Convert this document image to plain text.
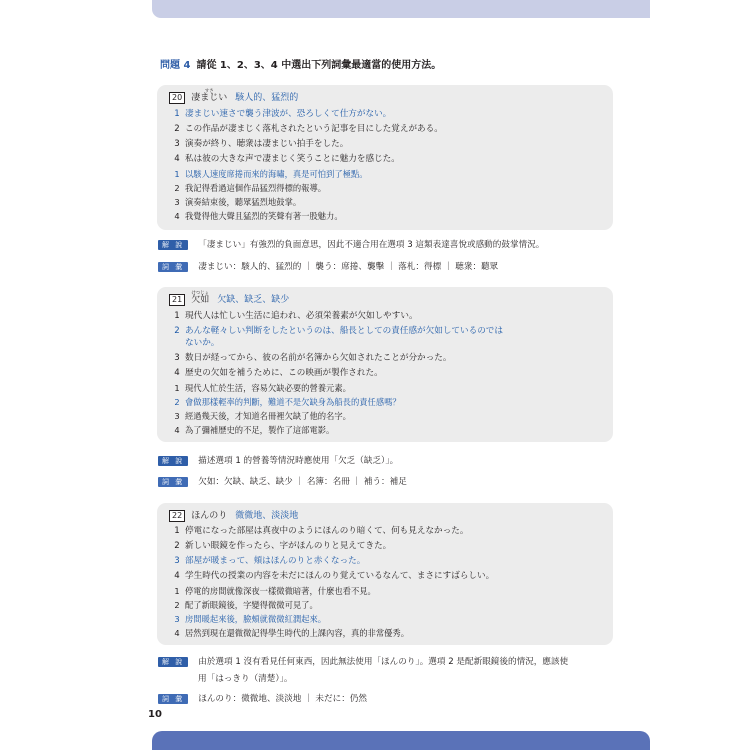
問題 4 請從 1、2、3、4 中選出下列詞彙最適當的使用方法。
20
すさ
凄まじい 駭人的、猛烈的
1 凄まじい速さで襲う津波が、恐ろしくて仕方がない。
2 この作品が凄まじく落札されたという記事を目にした覚えがある。
3 演奏が終り、聴衆は凄まじい拍手をした。
4 私は彼の大きな声で凄まじく笑うことに魅力を感じた。
1 以駭人速度席捲而來的海嘯，真是可怕到了極點。
2 我記得看過這個作品猛烈得標的報導。
3 演奏結束後，聽眾猛烈地鼓掌。
4 我覺得他大聲且猛烈的笑聲有著一股魅力。
解 說 「凄まじい」有強烈的負面意思，因此不適合用在選項 3 這類表達喜悅或感動的鼓掌情況。
詞 彙 凄まじい：駭人的、猛烈的 ｜ 襲う：席捲、襲擊 ｜ 落札：得標 ｜ 聴衆：聽眾
21
けつじょ
欠如 欠缺、缺乏、缺少
1 現代人は忙しい生活に追われ、必須栄養素が欠如しやすい。
2 あんな軽々しい判断をしたというのは、船長としての責任感が欠如しているのでは
ないか。
3 数日が経ってから、彼の名前が名簿から欠如されたことが分かった。
4 歴史の欠如を補うために、この映画が製作された。
1 現代人忙於生活，容易欠缺必要的營養元素。
2 會做那樣輕率的判斷，難道不是欠缺身為船長的責任感嗎？
3 經過幾天後，才知道名冊裡欠缺了他的名字。
4 為了彌補歷史的不足，製作了這部電影。
解 說 描述選項 1 的營養等情況時應使用「欠乏（缺乏）」。
詞 彙 欠如：欠缺、缺乏、缺少 ｜ 名簿：名冊 ｜ 補う：補足
22 ほんのり 微微地、淡淡地
1 停電になった部屋は真夜中のようにほんのり暗くて、何も見えなかった。
2 新しい眼鏡を作ったら、字がほんのりと見えてきた。
3 部屋が暖まって、頬はほんのりと赤くなった。
4 学生時代の授業の内容を未だにほんのり覚えているなんて、まさにすばらしい。
1 停電的房間就像深夜一樣微微暗著，什麼也看不見。
2 配了新眼鏡後，字變得微微可見了。
3 房間暖起來後，臉頰就微微紅潤起來。
4 居然到現在還微微記得學生時代的上課內容，真的非常優秀。
解 說 由於選項 1 沒有看見任何東西，因此無法使用「ほんのり」。選項 2 是配新眼鏡後的情況，應該使
用「はっきり（清楚）」。
詞 彙 ほんのり：微微地、淡淡地 ｜ 未だに：仍然
10
